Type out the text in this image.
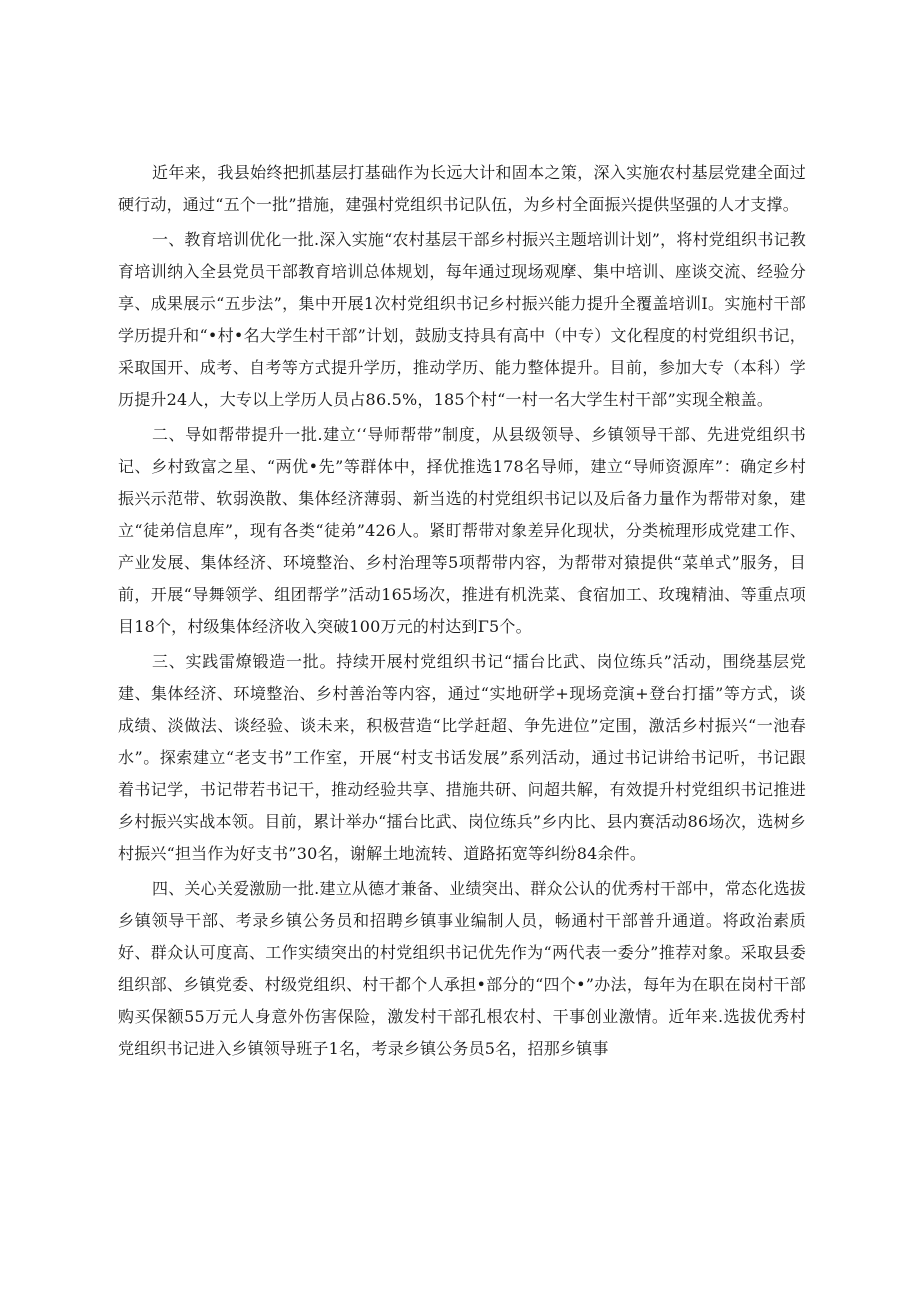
近年来，我县始终把抓基层打基础作为长远大计和固本之策，深入实施农村基层党建全面过硬行动，通过“五个一批”措施，建强村党组织书记队伍，为乡村全面振兴提供坚强的人才支撑。

一、教育培训优化一批.深入实施“农村基层干部乡村振兴主题培训计划”，将村党组织书记教育培训纳入全县党员干部教育培训总体规划，每年通过现场观摩、集中培训、座谈交流、经验分享、成果展示“五步法”，集中开展1次村党组织书记乡村振兴能力提升全覆盖培训I。实施村干部学历提升和“•村•名大学生村干部”计划，鼓励支持具有高中（中专）文化程度的村党组织书记，采取国开、成考、自考等方式提升学历，推动学历、能力整体提升。目前，参加大专（本科）学历提升24人，大专以上学历人员占86.5%，185个村“一村一名大学生村干部”实现全粮盖。

二、导如帮带提升一批.建立‘‘导师帮带”制度，从县级领导、乡镇领导干部、先进党组织书记、乡村致富之星、“两优•先”等群体中，择优推选178名导师，建立“导师资源库”：确定乡村振兴示范带、软弱涣散、集体经济薄弱、新当选的村党组织书记以及后备力量作为帮带对象，建立“徒弟信息库”，现有各类“徒弟”426人。紧盯帮带对象差异化现状，分类梳理形成党建工作、产业发展、集体经济、环境整治、乡村治理等5项帮带内容，为帮带对猿提供“菜单式”服务，目前，开展“导舞领学、组团帮学”活动165场次，推进有机洗菜、食宿加工、玫瑰精油、等重点项目18个，村级集体经济收入突破100万元的村达到Γ5个。

三、实践雷燎锻造一批。持续开展村党组织书记“擂台比武、岗位练兵”活动，围绕基层党建、集体经济、环境整治、乡村善治等内容，通过“实地研学+现场竞演+登台打擂”等方式，谈成绩、淡做法、谈经验、谈未来，积极营造“比学赶超、争先进位”定围，激活乡村振兴“一池春水”。探索建立“老支书”工作室，开展“村支书话发展”系列活动，通过书记讲给书记听，书记跟着书记学，书记带若书记干，推动经验共享、措施共研、问超共解，有效提升村党组织书记推进乡村振兴实战本领。目前，累计举办“擂台比武、岗位练兵”乡内比、县内赛活动86场次，选树乡村振兴“担当作为好支书”30名，谢解土地流转、道路拓宽等纠纷84余件。

四、关心关爱激励一批.建立从德才兼备、业绩突出、群众公认的优秀村干部中，常态化选拔乡镇领导干部、考录乡镇公务员和招聘乡镇事业编制人员，畅通村干部普升通道。将政治素质好、群众认可度高、工作实绩突出的村党组织书记优先作为“两代表一委分”推荐对象。采取县委组织部、乡镇党委、村级党组织、村干都个人承担•部分的“四个•”办法，每年为在职在岗村干部购买保额55万元人身意外伤害保险，激发村干部孔根农村、干事创业激情。近年来.选拔优秀村党组织书记进入乡镇领导班子1名，考录乡镇公务员5名，招那乡镇事
